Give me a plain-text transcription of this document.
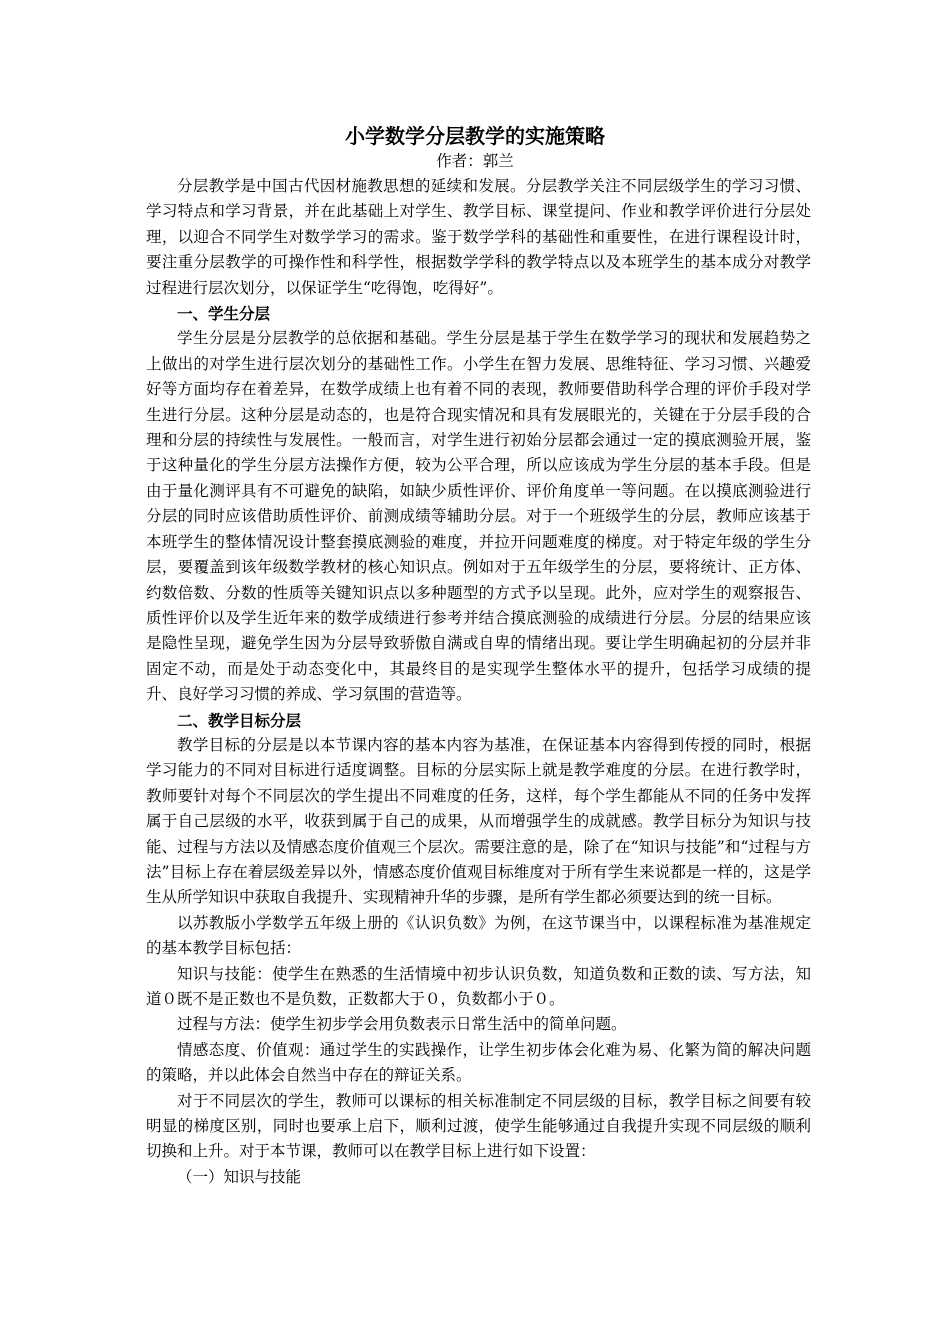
小学数学分层教学的实施策略
作者：郭兰

分层教学是中国古代因材施教思想的延续和发展。分层教学关注不同层级学生的学习习惯、学习特点和学习背景，并在此基础上对学生、教学目标、课堂提问、作业和教学评价进行分层处理，以迎合不同学生对数学学习的需求。鉴于数学学科的基础性和重要性，在进行课程设计时，要注重分层教学的可操作性和科学性，根据数学学科的教学特点以及本班学生的基本成分对教学过程进行层次划分，以保证学生“吃得饱，吃得好”。

一、学生分层

学生分层是分层教学的总依据和基础。学生分层是基于学生在数学学习的现状和发展趋势之上做出的对学生进行层次划分的基础性工作。小学生在智力发展、思维特征、学习习惯、兴趣爱好等方面均存在着差异，在数学成绩上也有着不同的表现，教师要借助科学合理的评价手段对学生进行分层。这种分层是动态的，也是符合现实情况和具有发展眼光的，关键在于分层手段的合理和分层的持续性与发展性。一般而言，对学生进行初始分层都会通过一定的摸底测验开展，鉴于这种量化的学生分层方法操作方便，较为公平合理，所以应该成为学生分层的基本手段。但是由于量化测评具有不可避免的缺陷，如缺少质性评价、评价角度单一等问题。在以摸底测验进行分层的同时应该借助质性评价、前测成绩等辅助分层。对于一个班级学生的分层，教师应该基于本班学生的整体情况设计整套摸底测验的难度，并拉开问题难度的梯度。对于特定年级的学生分层，要覆盖到该年级数学教材的核心知识点。例如对于五年级学生的分层，要将统计、正方体、约数倍数、分数的性质等关键知识点以多种题型的方式予以呈现。此外，应对学生的观察报告、质性评价以及学生近年来的数学成绩进行参考并结合摸底测验的成绩进行分层。分层的结果应该是隐性呈现，避免学生因为分层导致骄傲自满或自卑的情绪出现。要让学生明确起初的分层并非固定不动，而是处于动态变化中，其最终目的是实现学生整体水平的提升，包括学习成绩的提升、良好学习习惯的养成、学习氛围的营造等。

二、教学目标分层

教学目标的分层是以本节课内容的基本内容为基准，在保证基本内容得到传授的同时，根据学习能力的不同对目标进行适度调整。目标的分层实际上就是教学难度的分层。在进行教学时，教师要针对每个不同层次的学生提出不同难度的任务，这样，每个学生都能从不同的任务中发挥属于自己层级的水平，收获到属于自己的成果，从而增强学生的成就感。教学目标分为知识与技能、过程与方法以及情感态度价值观三个层次。需要注意的是，除了在“知识与技能”和“过程与方法”目标上存在着层级差异以外，情感态度价值观目标维度对于所有学生来说都是一样的，这是学生从所学知识中获取自我提升、实现精神升华的步骤，是所有学生都必须要达到的统一目标。

以苏教版小学数学五年级上册的《认识负数》为例，在这节课当中，以课程标准为基准规定的基本教学目标包括：

知识与技能：使学生在熟悉的生活情境中初步认识负数，知道负数和正数的读、写方法，知道０既不是正数也不是负数，正数都大于０，负数都小于０。

过程与方法：使学生初步学会用负数表示日常生活中的简单问题。

情感态度、价值观：通过学生的实践操作，让学生初步体会化难为易、化繁为简的解决问题的策略，并以此体会自然当中存在的辩证关系。

对于不同层次的学生，教师可以课标的相关标准制定不同层级的目标，教学目标之间要有较明显的梯度区别，同时也要承上启下，顺利过渡，使学生能够通过自我提升实现不同层级的顺利切换和上升。对于本节课，教师可以在教学目标上进行如下设置：

（一）知识与技能
